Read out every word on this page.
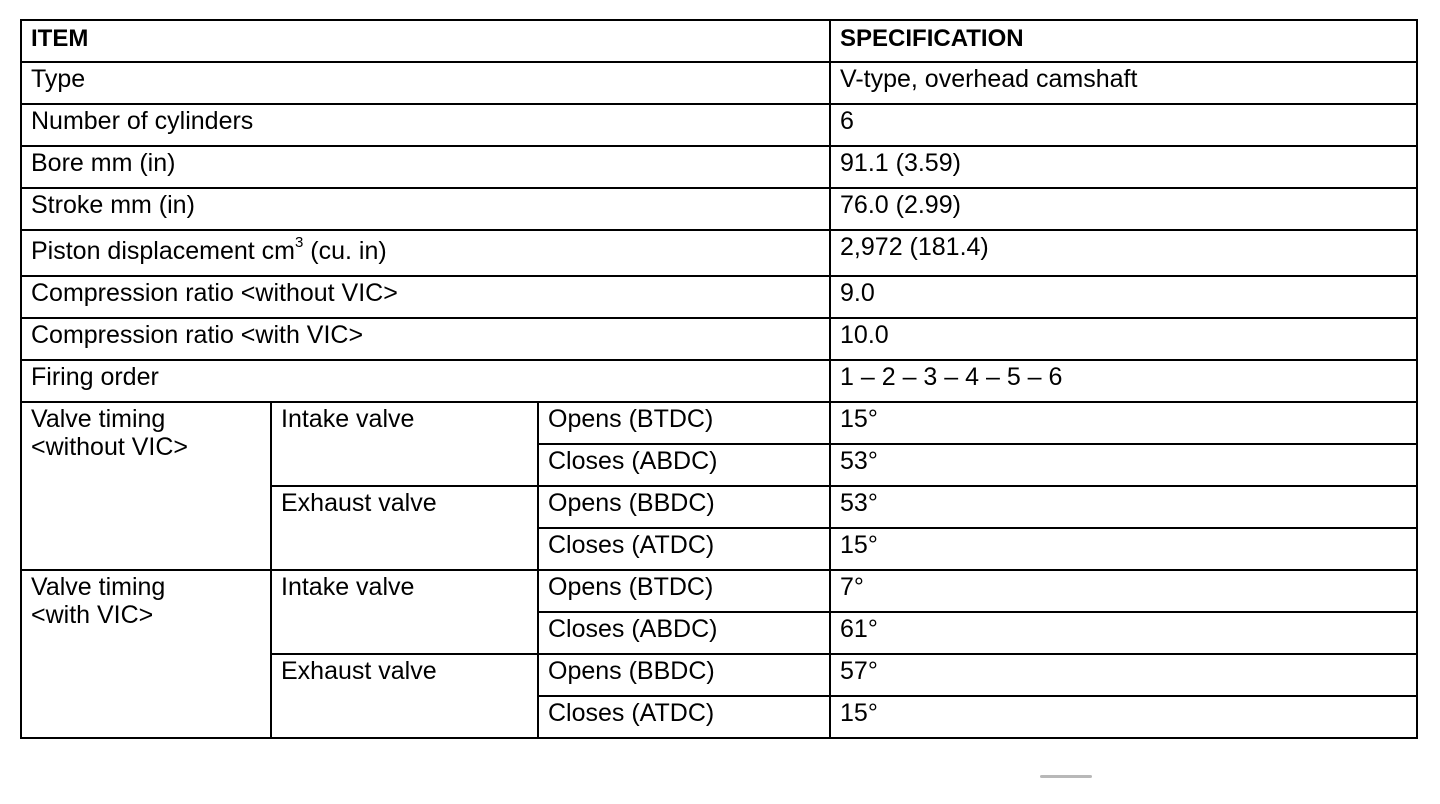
ITEM			SPECIFICATION
Type			V-type, overhead camshaft
Number of cylinders			6
Bore mm (in)			91.1 (3.59)
Stroke mm (in)			76.0 (2.99)
Piston displacement $cm^3$ (cu. in)			2,972 (181.4)
Compression ratio <without VIC>			9.0
Compression ratio <with VIC>			10.0
Firing order			1 – 2 – 3 – 4 – 5 – 6

Valve timing
<without VIC>	Intake valve	Opens (BTDC)	15°
		Closes (ABDC)	53°
	Exhaust valve	Opens (BBDC)	53°
		Closes (ATDC)	15°

Valve timing
<with VIC>	Intake valve	Opens (BTDC)	7°
		Closes (ABDC)	61°
	Exhaust valve	Opens (BBDC)	57°
		Closes (ATDC)	15°
